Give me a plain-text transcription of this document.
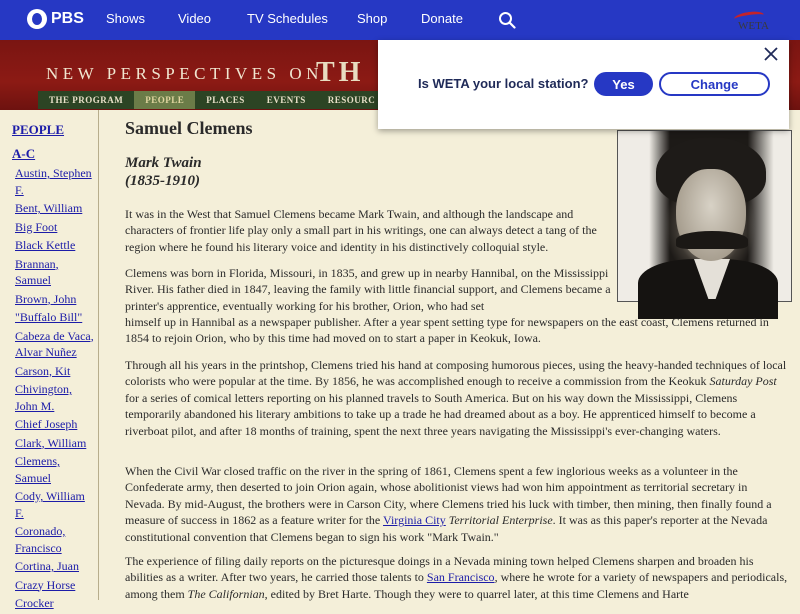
PBS Shows	Video	TV Schedules Shop	Donate	WETA
NEW PERSPECTIVES ON
TH
THE PROGRAM	PEOPLE	PLACES	EVENTS	RESOURC
PEOPLE
A-C
Austin, Stephen F.
Bent, William
Big Foot
Black Kettle
Brannan, Samuel
Brown, John
"Buffalo Bill"
Cabeza de Vaca, Alvar Nuñez
Carson, Kit
Chivington, John M.
Chief Joseph
Clark, William
Clemens, Samuel
Cody, William F.
Coronado, Francisco
Cortina, Juan
Crazy Horse
Crocker
Samuel Clemens
Mark Twain
(1835-1910)

It was in the West that Samuel Clemens became Mark Twain, and although the landscape and characters of frontier life play only a small part in his writings, one can always detect a tang of the region where he found his literary voice and identity in his distinctively colloquial style.

Clemens was born in Florida, Missouri, in 1835, and grew up in nearby Hannibal, on the Mississippi River. His father died in 1847, leaving the family with little financial support, and Clemens became a printer's apprentice, eventually working for his brother, Orion, who had set

himself up in Hannibal as a newspaper publisher. After a year spent setting type for newspapers on the east coast, Clemens returned in 1854 to rejoin Orion, who by this time had moved on to start a paper in Keokuk, Iowa.

Through all his years in the printshop, Clemens tried his hand at composing humorous pieces, using the heavy-handed techniques of local colorists who were popular at the time. By 1856, he was accomplished enough to receive a commission from the Keokuk Saturday Post for a series of comical letters reporting on his planned travels to South America. But on his way down the Mississippi, Clemens temporarily abandoned his literary ambitions to take up a trade he had dreamed about as a boy. He apprenticed himself to become a riverboat pilot, and after 18 months of training, spent the next three years navigating the Mississippi's ever-changing waters.

When the Civil War closed traffic on the river in the spring of 1861, Clemens spent a few inglorious weeks as a volunteer in the Confederate army, then deserted to join Orion again, whose abolitionist views had won him appointment as territorial secretary in Nevada. By mid-August, the brothers were in Carson City, where Clemens tried his luck with timber, then mining, then finally found a measure of success in 1862 as a feature writer for the Virginia City Territorial Enterprise. It was as this paper's reporter at the Nevada constitutional convention that Clemens began to sign his work "Mark Twain."

The experience of filing daily reports on the picturesque doings in a Nevada mining town helped Clemens sharpen and broaden his abilities as a writer. After two years, he carried those talents to San Francisco, where he wrote for a variety of newspapers and periodicals, among them The Californian, edited by Bret Harte. Though they were to quarrel later, at this time Clemens and Harte

Is WETA your local station?	Yes	Change
